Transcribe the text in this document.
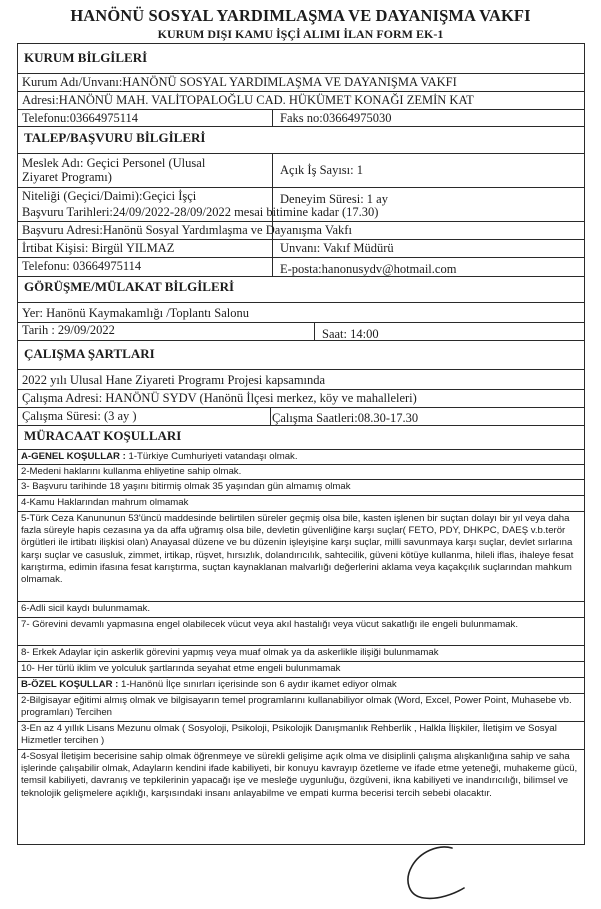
HANÖNÜ SOSYAL YARDIMLAŞMA VE DAYANIŞMA VAKFI
KURUM DIŞI KAMU İŞÇİ ALIMI İLAN FORM EK-1
KURUM BİLGİLERİ
Kurum Adı/Unvanı:HANÖNÜ SOSYAL YARDIMLAŞMA VE DAYANIŞMA VAKFI
Adresi:HANÖNÜ MAH. VALİTOPALOĞLU CAD. HÜKÜMET KONAĞI ZEMİN KAT
Telefonu:03664975114	Faks no:03664975030
TALEP/BAŞVURU BİLGİLERİ
Meslek Adı: Geçici Personel (Ulusal
Ziyaret Programı)	Açık İş Sayısı: 1
Niteliği (Geçici/Daimi):Geçici İşçi	Deneyim Süresi: 1 ay
Başvuru Tarihleri:24/09/2022-28/09/2022 mesai bitimine kadar (17.30)
Başvuru Adresi:Hanönü Sosyal Yardımlaşma ve Dayanışma Vakfı
İrtibat Kişisi: Birgül YILMAZ	Unvanı: Vakıf Müdürü
Telefonu: 03664975114	E-posta:hanonusydv@hotmail.com
GÖRÜŞME/MÜLAKAT BİLGİLERİ
Yer: Hanönü Kaymakamlığı /Toplantı Salonu
Tarih : 29/09/2022	Saat: 14:00
ÇALIŞMA ŞARTLARI
2022 yılı Ulusal Hane Ziyareti Programı Projesi kapsamında
Çalışma Adresi: HANÖNÜ SYDV (Hanönü İlçesi merkez, köy ve mahalleleri)
Çalışma Süresi: (3 ay )	Çalışma Saatleri:08.30-17.30
MÜRACAAT KOŞULLARI
A-GENEL KOŞULLAR : 1-Türkiye Cumhuriyeti vatandaşı olmak.
2-Medeni haklarını kullanma ehliyetine sahip olmak.
3- Başvuru tarihinde 18 yaşını bitirmiş olmak 35 yaşından gün almamış olmak
4-Kamu Haklarından mahrum olmamak
5-Türk Ceza Kanununun 53'üncü maddesinde belirtilen süreler geçmiş olsa bile, kasten işlenen bir suçtan dolayı bir yıl veya daha fazla süreyle hapis cezasına ya da affa uğramış olsa bile, devletin güvenliğine karşı suçlar( FETO, PDY, DHKPC, DAEŞ v.b.terör örgütleri ile irtibatı ilişkisi olan) Anayasal düzene ve bu düzenin işleyişine karşı suçlar, milli savunmaya karşı suçlar, devlet sırlarına karşı suçlar ve casusluk, zimmet, irtikap, rüşvet, hırsızlık, dolandırıcılık, sahtecilik, güveni kötüye kullanma, hileli iflas, ihaleye fesat karıştırma, edimin ifasına fesat karıştırma, suçtan kaynaklanan malvarlığı değerlerini aklama veya kaçakçılık suçlarından mahkum olmamak.
6-Adli sicil kaydı bulunmamak.
7- Görevini devamlı yapmasına engel olabilecek vücut veya akıl hastalığı veya vücut sakatlığı ile engeli bulunmamak.
8- Erkek Adaylar için askerlik görevini yapmış veya muaf olmak ya da askerlikle ilişiği bulunmamak
10- Her türlü iklim ve yolculuk şartlarında seyahat etme engeli bulunmamak
B-ÖZEL KOŞULLAR : 1-Hanönü İlçe sınırları içerisinde son 6 aydır ikamet ediyor olmak
2-Bilgisayar eğitimi almış olmak ve bilgisayarın temel programlarını kullanabiliyor olmak (Word, Excel, Power Point, Muhasebe vb. programları) Tercihen
3-En az 4 yıllık Lisans Mezunu olmak ( Sosyoloji, Psikoloji, Psikolojik Danışmanlık Rehberlik , Halkla İlişkiler, İletişim ve Sosyal Hizmetler tercihen )
4-Sosyal İletişim becerisine sahip olmak öğrenmeye ve sürekli gelişime açık olma ve disiplinli çalışma alışkanlığına sahip ve saha işlerinde çalışabilir olmak, Adayların kendini ifade kabiliyeti, bir konuyu kavrayıp özetleme ve ifade etme yeteneği, muhakeme gücü, temsil kabiliyeti, davranış ve tepkilerinin yapacağı işe ve mesleğe uygunluğu, özgüveni, ikna kabiliyeti ve inandırıcılığı, bilimsel ve teknolojik gelişmelere açıklığı, karşısındaki insanı anlayabilme ve empati kurma becerisi tercih sebebi olacaktır.
